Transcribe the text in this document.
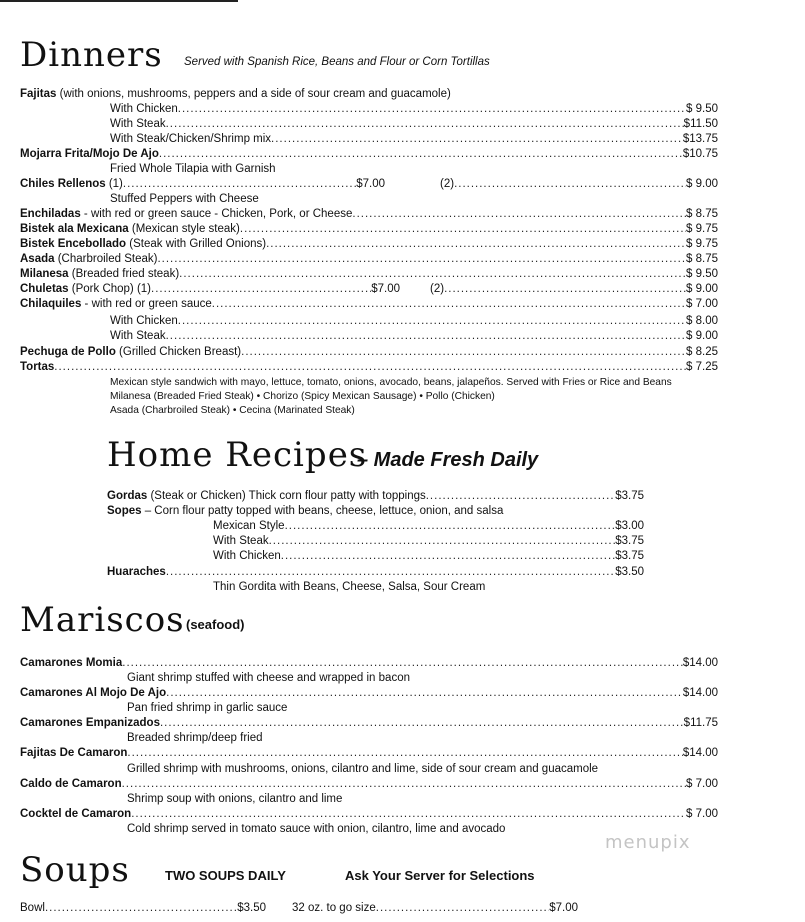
Dinners Served with Spanish Rice, Beans and Flour or Corn Tortillas
Fajitas (with onions, mushrooms, peppers and a side of sour cream and guacamole)
With Chicken .....	$ 9.50
With Steak .....	$11.50
With Steak/Chicken/Shrimp mix .....	$13.75
Mojarra Frita/Mojo De Ajo .....	$10.75
Fried Whole Tilapia with Garnish
Chiles Rellenos (1) .....	$7.00	(2) .....	$ 9.00
Stuffed Peppers with Cheese
Enchiladas - with red or green sauce - Chicken, Pork, or Cheese .....	$ 8.75
Bistek ala Mexicana (Mexican style steak) .....	$ 9.75
Bistek Encebollado (Steak with Grilled Onions) .....	$ 9.75
Asada (Charbroiled Steak) .....	$ 8.75
Milanesa (Breaded fried steak) .....	$ 9.50
Chuletas (Pork Chop) (1) .....	$7.00	(2) .....	$ 9.00
Chilaquiles - with red or green sauce .....	$ 7.00
With Chicken .....	$ 8.00
With Steak .....	$ 9.00
Pechuga de Pollo (Grilled Chicken Breast) .....	$ 8.25
Tortas .....	$ 7.25
Mexican style sandwich with mayo, lettuce, tomato, onions, avocado, beans, jalapeños. Served with Fries or Rice and Beans
Milanesa (Breaded Fried Steak) • Chorizo (Spicy Mexican Sausage) • Pollo (Chicken)
Asada (Charbroiled Steak) • Cecina (Marinated Steak)
Home Recipes
– Made Fresh Daily
Gordas (Steak or Chicken) Thick corn flour patty with toppings .....	$3.75
Sopes – Corn flour patty topped with beans, cheese, lettuce, onion, and salsa
Mexican Style .....	$3.00
With Steak .....	$3.75
With Chicken .....	$3.75
Huaraches .....	$3.50
Thin Gordita with Beans, Cheese, Salsa, Sour Cream
Mariscos (seafood)
Camarones Momia .....	$14.00
Giant shrimp stuffed with cheese and wrapped in bacon
Camarones Al Mojo De Ajo .....	$14.00
Pan fried shrimp in garlic sauce
Camarones Empanizados .....	$11.75
Breaded shrimp/deep fried
Fajitas De Camaron .....	$14.00
Grilled shrimp with mushrooms, onions, cilantro and lime, side of sour cream and guacamole
Caldo de Camaron .....	$ 7.00
Shrimp soup with onions, cilantro and lime
Cocktel de Camaron .....	$ 7.00
Cold shrimp served in tomato sauce with onion, cilantro, lime and avocado
menupix
Soups	TWO SOUPS DAILY	Ask Your Server for Selections
Bowl .....	$3.50 32 oz. to go size .....	$7.00
